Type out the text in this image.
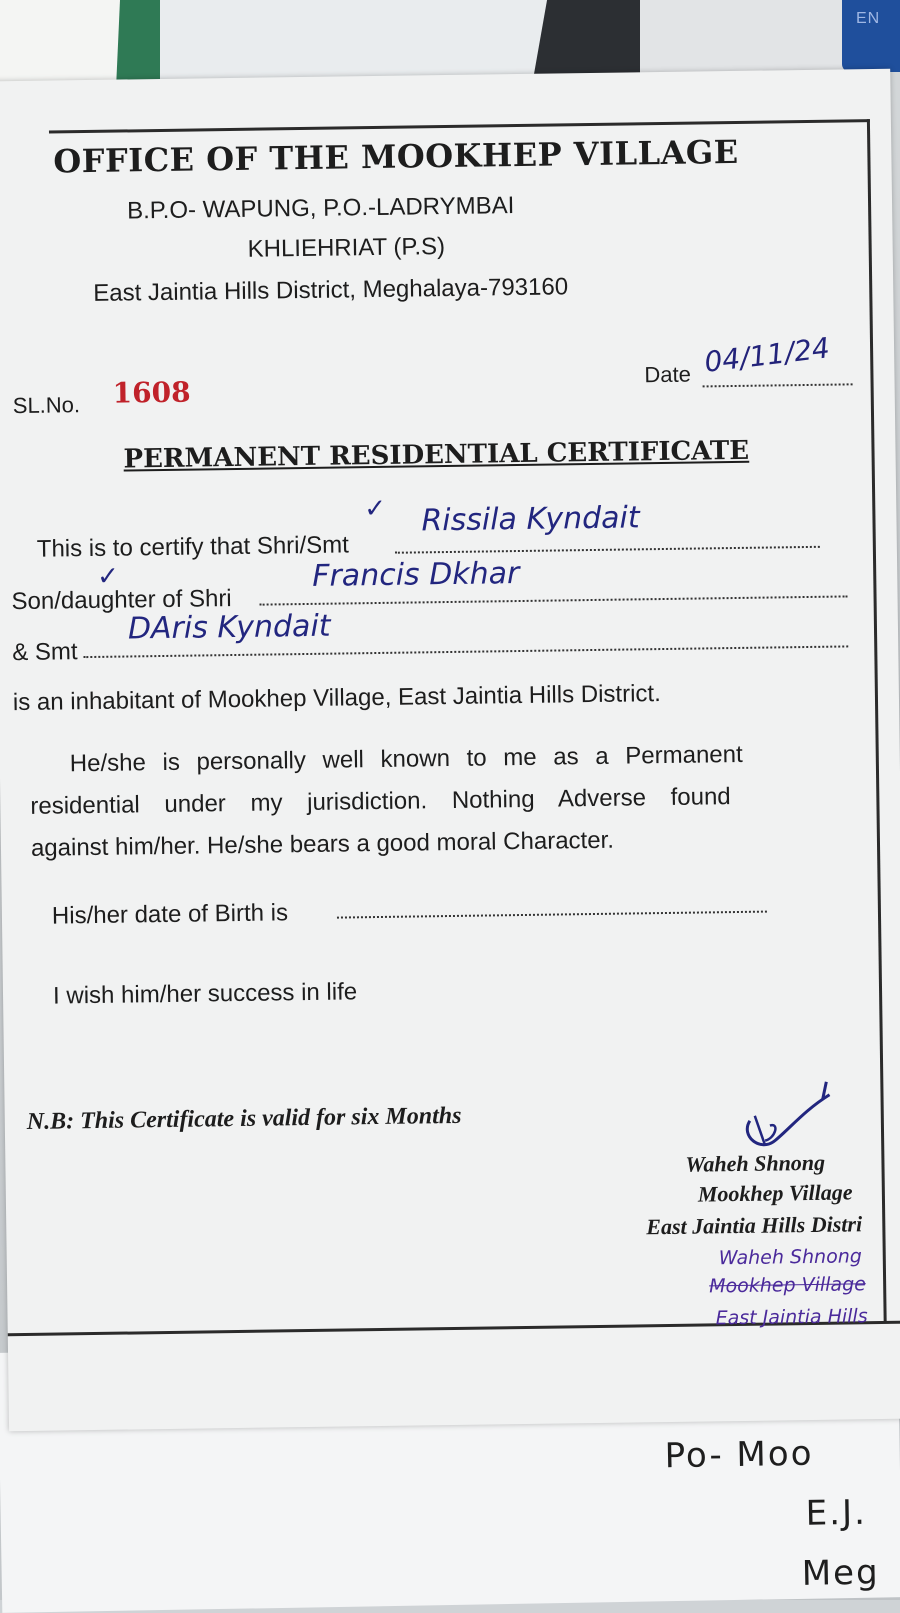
EN
Po- Moo
E.J.
Meg
OFFICE OF THE MOOKHEP VILLAGE
B.P.O- WAPUNG, P.O.-LADRYMBAI
KHLIEHRIAT (P.S)
East Jaintia Hills District, Meghalaya-793160
SL.No. 1608
Date 04/11/24
PERMANENT RESIDENTIAL CERTIFICATE
This is to certify that Shri/Smt
✓ Rissila Kyndait
Son/daughter of Shri
✓	Francis Dkhar
& Smt
DAris Kyndait
is an inhabitant of Mookhep Village, East Jaintia Hills District.
He/she is personally well known to me as a Permanent
residential under my jurisdiction. Nothing Adverse found
against him/her. He/she bears a good moral Character.
His/her date of Birth is
I wish him/her success in life
N.B: This Certificate is valid for six Months
Waheh Shnong
Mookhep Village
East Jaintia Hills Distri
Waheh Shnong
Mookhep Village
East Jaintia Hills
